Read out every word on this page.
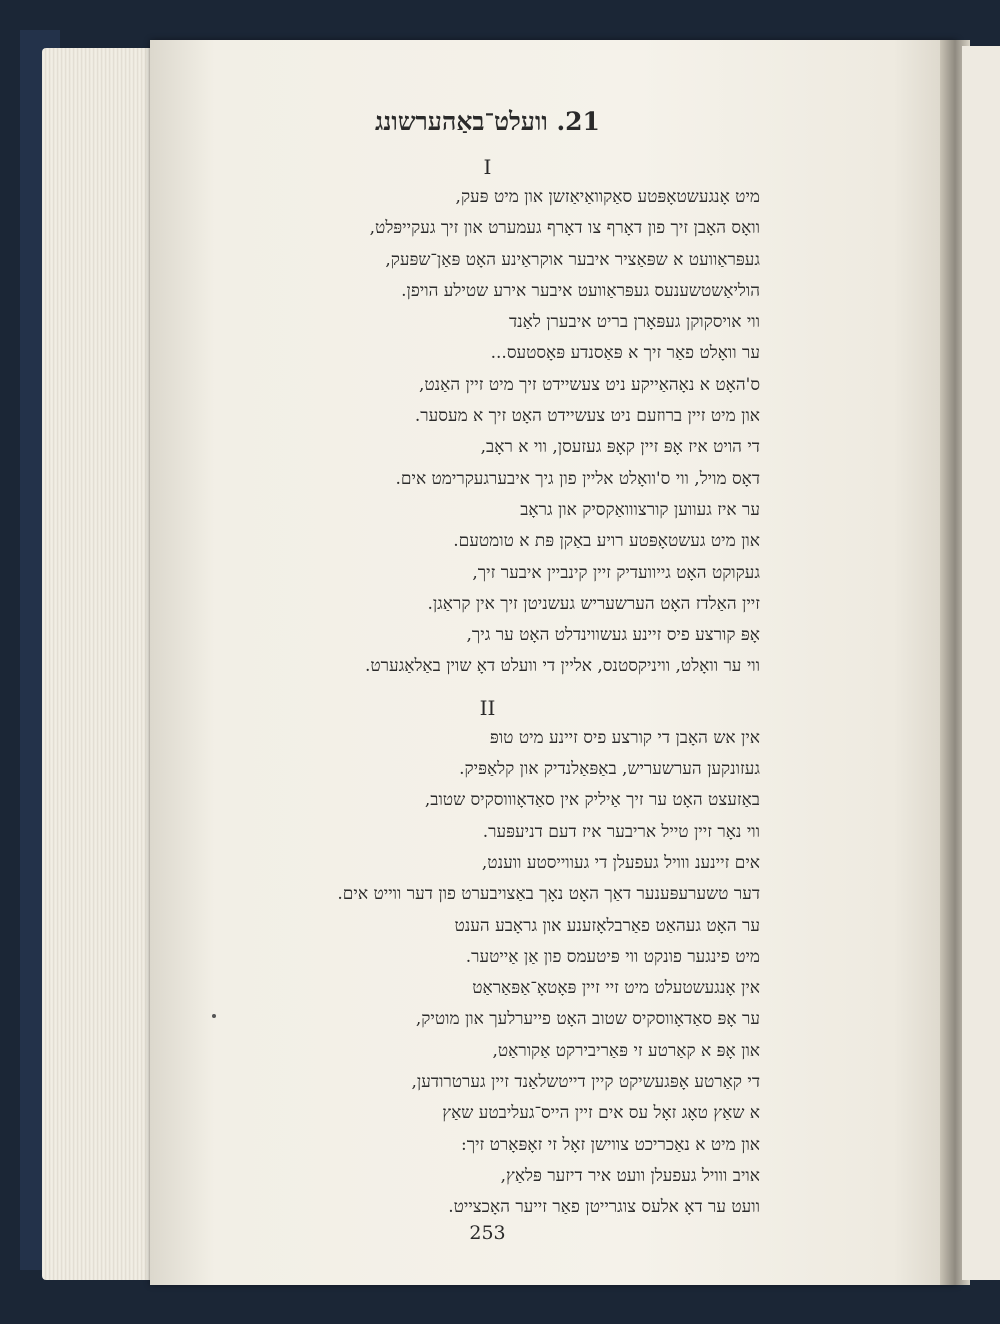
21. וועלט־באַהערשונג
I
מיט אָנגעשטאָפּטע סאַקוואַיאַזשן און מיט פּעק,
וואָס האָבן זיך פון דאָרף צו דאָרף געמערט און זיך געקייפּלט,
געפּראַוועט א שפּאַציר איבער אוקראַינע האָט פּאַן־שפּעק,
הוליאַשטשענעס געפּראַוועט איבער אירע שטילע הויפן.
ווי אויסקוקן געפּאָרן בריט איבערן לאַנד
ער וואָלט פאַר זיך א פּאַסנדע פּאָסטעס...
ס'האָט א נאָהאַייקע ניט צעשיידט זיך מיט זיין האַנט,
און מיט זיין ברוזעם ניט צעשיידט האָט זיך א מעסער.
די הויט איז אָפּ זיין קאָפּ געזעסן, ווי א ראָב,
דאָס מויל, ווי ס'וואָלט אליין פון גיך איבערגעקרימט אים.
ער איז געווען קורצווואַקסיק און גראָב
און מיט געשטאָפּטע רויע באַקן פּת א טומטעם.
געקוקט האָט גייוועדיק זיין קינביין איבער זיך,
זיין האַלדז האָט הערשעריש געשניטן זיך אין קראַגן.
אָפּ קורצע פיס זיינע געשווינדלט האָט ער גיך,
ווי ער וואָלט, וויניקסטנס, אליין די וועלט דאָ שוין באַלאַגערט.
II
אין אש האָבן די קורצע פיס זיינע מיט טופּ
געזונקען הערשעריש, באַפּאַלנדיק און קלאַפּיק.
באַזעצט האָט ער זיך אַיליק אין סאַדאָוווסקיס שטוב,
ווי נאָר זיין טייל אריבער איז דעם דניעפּער.
אים זיינענ ווויל געפעלן די געווייסטע ווענט,
דער טשערעפּענער דאַך האָט נאָך באַצויבערט פון דער ווייט אים.
ער האָט געהאַט פאַרבלאָזענע און גראָבע הענט
מיט פינגער פונקט ווי פּיטעמס פון אַן אַייטער.
אין אָנגעשטעלט מיט זיי זיין פּאָטאָ־אַפּאַראַט
ער אָפּ סאַדאָווסקיס שטוב האָט פייערלעך און מוטיק,
און אָפּ א קאַרטע זי פּאַריבירקט אַקוראַט,
די קאַרטע אָפּגעשיקט קיין דייטשלאַנד זיין גערטרודען,
א שאַץ טאָג זאָל עס אים זיין הייס־געליבטע שאַץ
און מיט א נאַכריכט צווישן זאָל זי זאָפּאָרט זיך:
אויב ווויל געפעלן וועט איר דיזער פּלאַץ,
וועט ער דאָ אלעס צוגרייטן פאַר זייער האָכצייט.
253
